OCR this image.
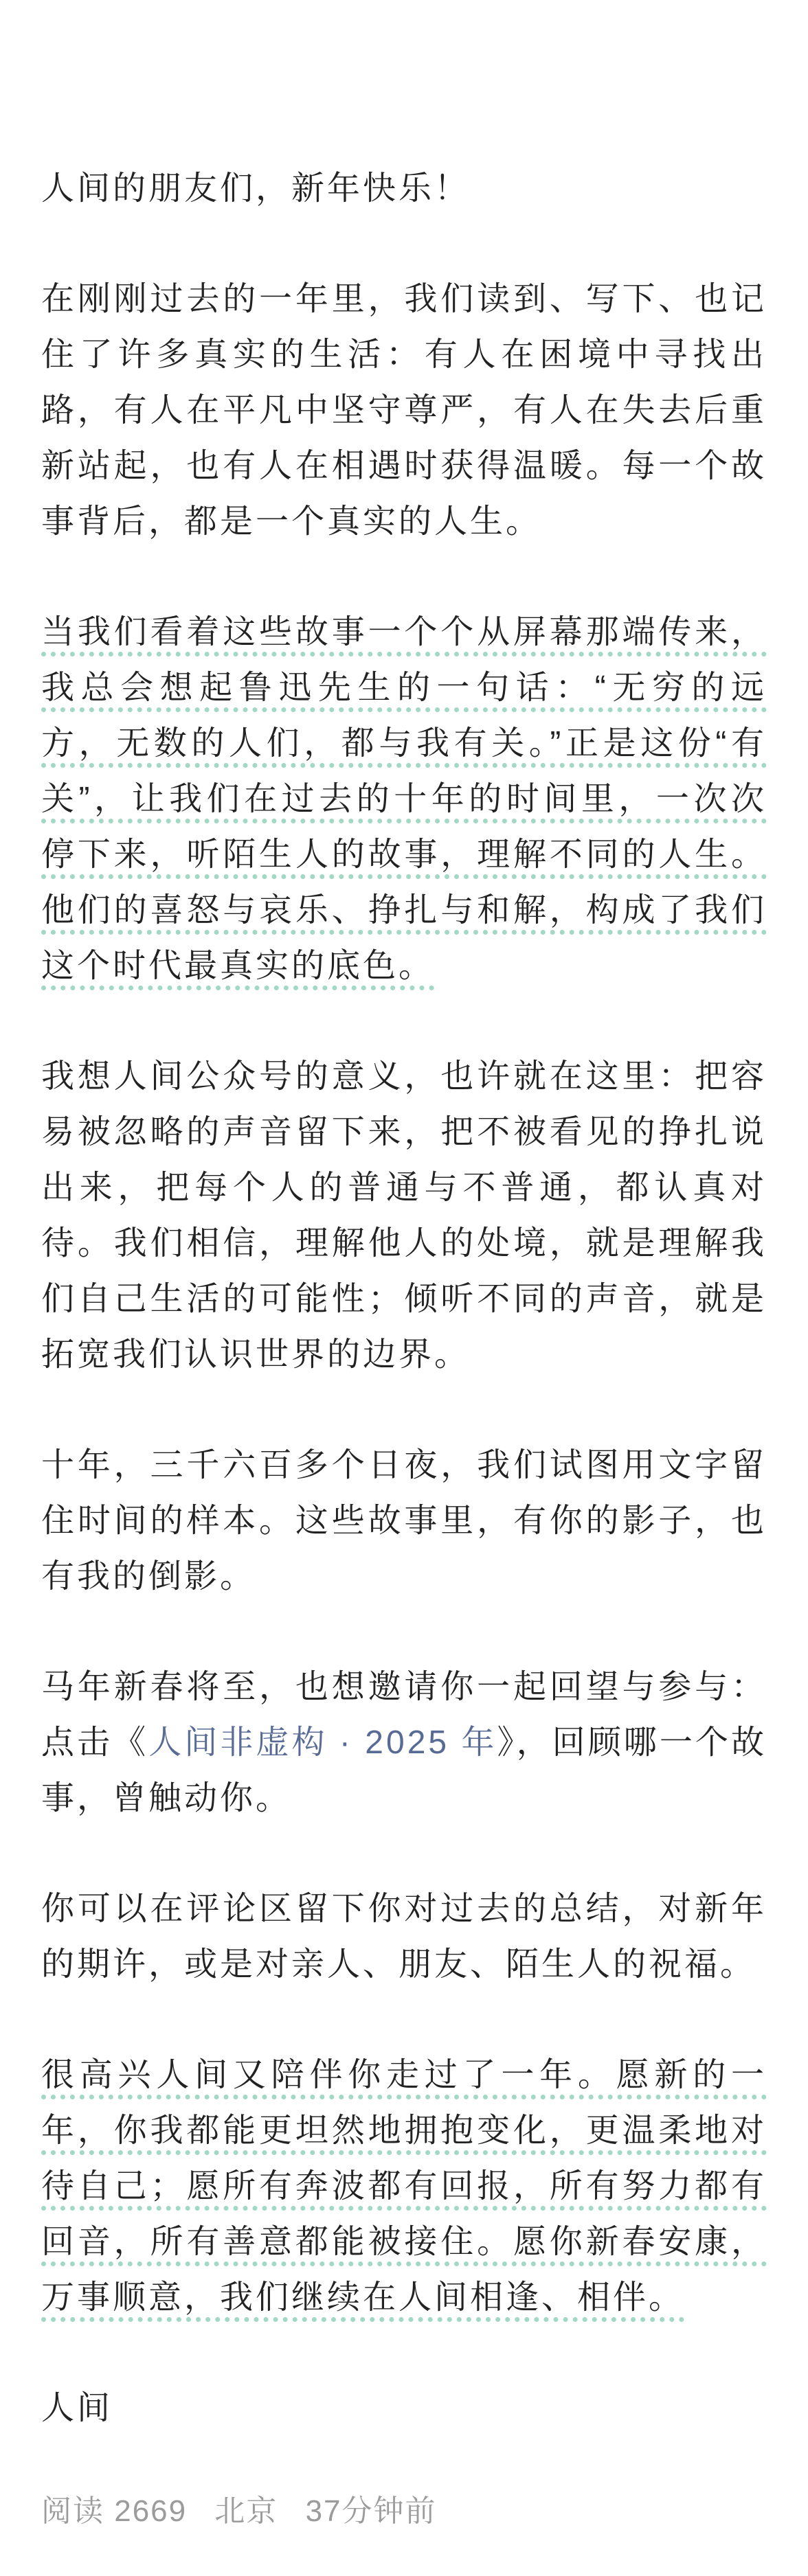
人间的朋友们，新年快乐！

在刚刚过去的一年里，我们读到、写下、也记住了许多真实的生活：有人在困境中寻找出路，有人在平凡中坚守尊严，有人在失去后重新站起，也有人在相遇时获得温暖。每一个故事背后，都是一个真实的人生。

当我们看着这些故事一个个从屏幕那端传来，我总会想起鲁迅先生的一句话：“无穷的远方，无数的人们，都与我有关。”正是这份“有关”，让我们在过去的十年的时间里，一次次停下来，听陌生人的故事，理解不同的人生。他们的喜怒与哀乐、挣扎与和解，构成了我们这个时代最真实的底色。

我想人间公众号的意义，也许就在这里：把容易被忽略的声音留下来，把不被看见的挣扎说出来，把每个人的普通与不普通，都认真对待。我们相信，理解他人的处境，就是理解我们自己生活的可能性；倾听不同的声音，就是拓宽我们认识世界的边界。

十年，三千六百多个日夜，我们试图用文字留住时间的样本。这些故事里，有你的影子，也有我的倒影。

马年新春将至，也想邀请你一起回望与参与：点击《人间非虚构 · 2025 年》，回顾哪一个故事，曾触动你。

你可以在评论区留下你对过去的总结，对新年的期许，或是对亲人、朋友、陌生人的祝福。

很高兴人间又陪伴你走过了一年。愿新的一年，你我都能更坦然地拥抱变化，更温柔地对待自己；愿所有奔波都有回报，所有努力都有回音，所有善意都能被接住。愿你新春安康，万事顺意，我们继续在人间相逢、相伴。

人间

阅读 2669 北京 37分钟前
